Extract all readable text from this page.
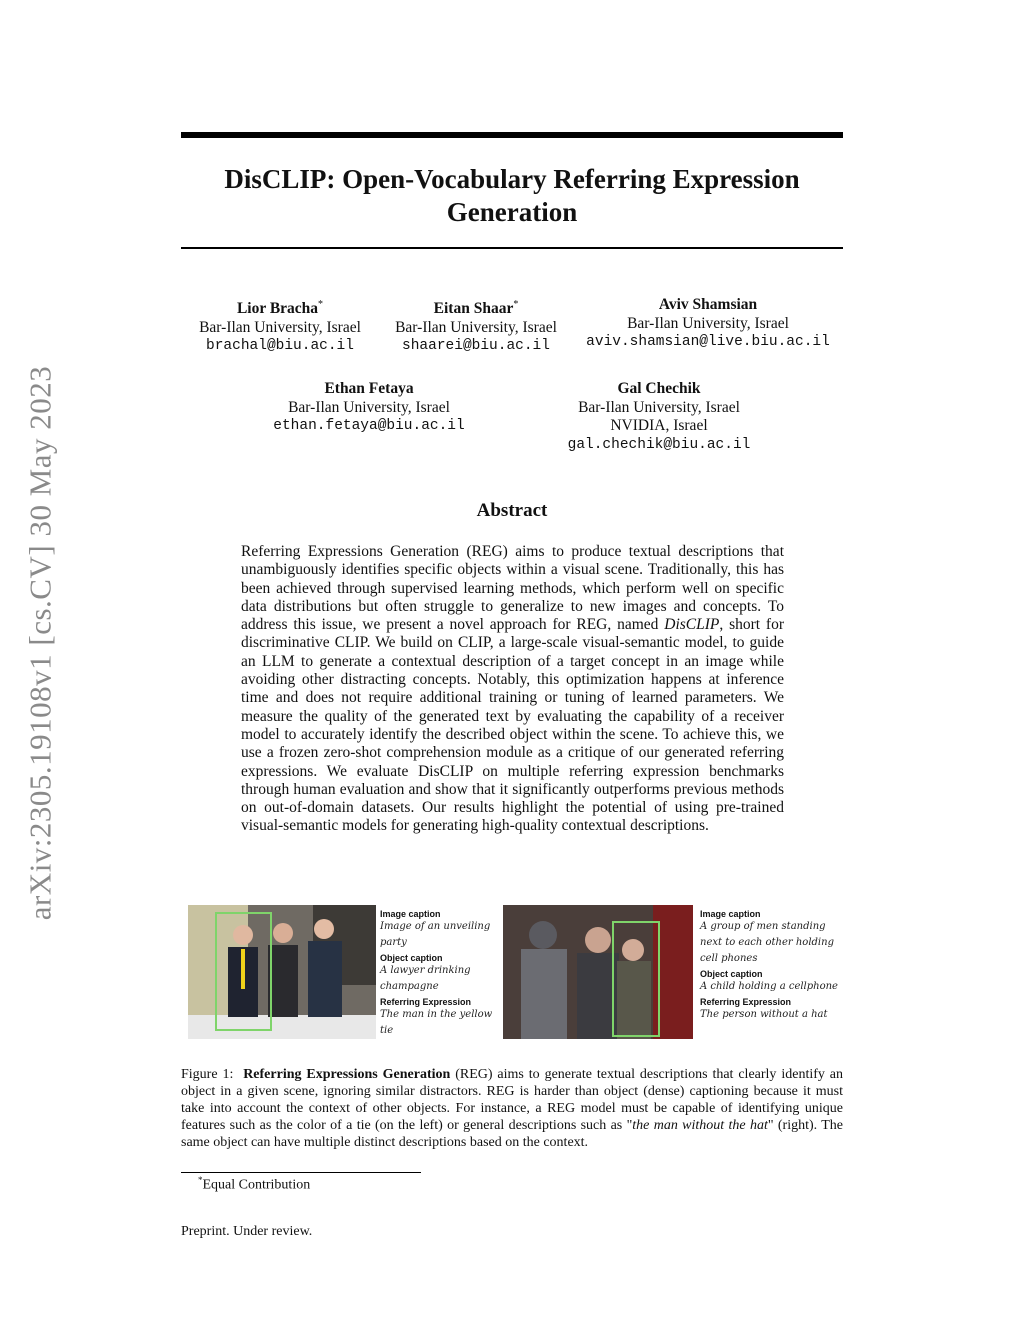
arXiv:2305.19108v1 [cs.CV] 30 May 2023
DisCLIP: Open-Vocabulary Referring Expression Generation
Lior Bracha*
Bar-Ilan University, Israel
brachal@biu.ac.il
Eitan Shaar*
Bar-Ilan University, Israel
shaarei@biu.ac.il
Aviv Shamsian
Bar-Ilan University, Israel
aviv.shamsian@live.biu.ac.il
Ethan Fetaya
Bar-Ilan University, Israel
ethan.fetaya@biu.ac.il
Gal Chechik
Bar-Ilan University, Israel
NVIDIA, Israel
gal.chechik@biu.ac.il
Abstract

Referring Expressions Generation (REG) aims to produce textual descriptions that unambiguously identifies specific objects within a visual scene. Traditionally, this has been achieved through supervised learning methods, which perform well on specific data distributions but often struggle to generalize to new images and concepts. To address this issue, we present a novel approach for REG, named DisCLIP, short for discriminative CLIP. We build on CLIP, a large-scale visual-semantic model, to guide an LLM to generate a contextual description of a target concept in an image while avoiding other distracting concepts. Notably, this optimization happens at inference time and does not require additional training or tuning of learned parameters. We measure the quality of the generated text by evaluating the capability of a receiver model to accurately identify the described object within the scene. To achieve this, we use a frozen zero-shot comprehension module as a critique of our generated referring expressions. We evaluate DisCLIP on multiple referring expression benchmarks through human evaluation and show that it significantly outperforms previous methods on out-of-domain datasets. Our results highlight the potential of using pre-trained visual-semantic models for generating high-quality contextual descriptions.

Image caption
Image of an unveiling party
Object caption
A lawyer drinking champagne
Referring Expression
The man in the yellow tie
Image caption
A group of men standing next to each other holding cell phones
Object caption
A child holding a cellphone
Referring Expression
The person without a hat

Figure 1: Referring Expressions Generation (REG) aims to generate textual descriptions that clearly identify an object in a given scene, ignoring similar distractors. REG is harder than object (dense) captioning because it must take into account the context of other objects. For instance, a REG model must be capable of identifying unique features such as the color of a tie (on the left) or general descriptions such as "the man without the hat" (right). The same object can have multiple distinct descriptions based on the context.

*Equal Contribution
Preprint. Under review.
